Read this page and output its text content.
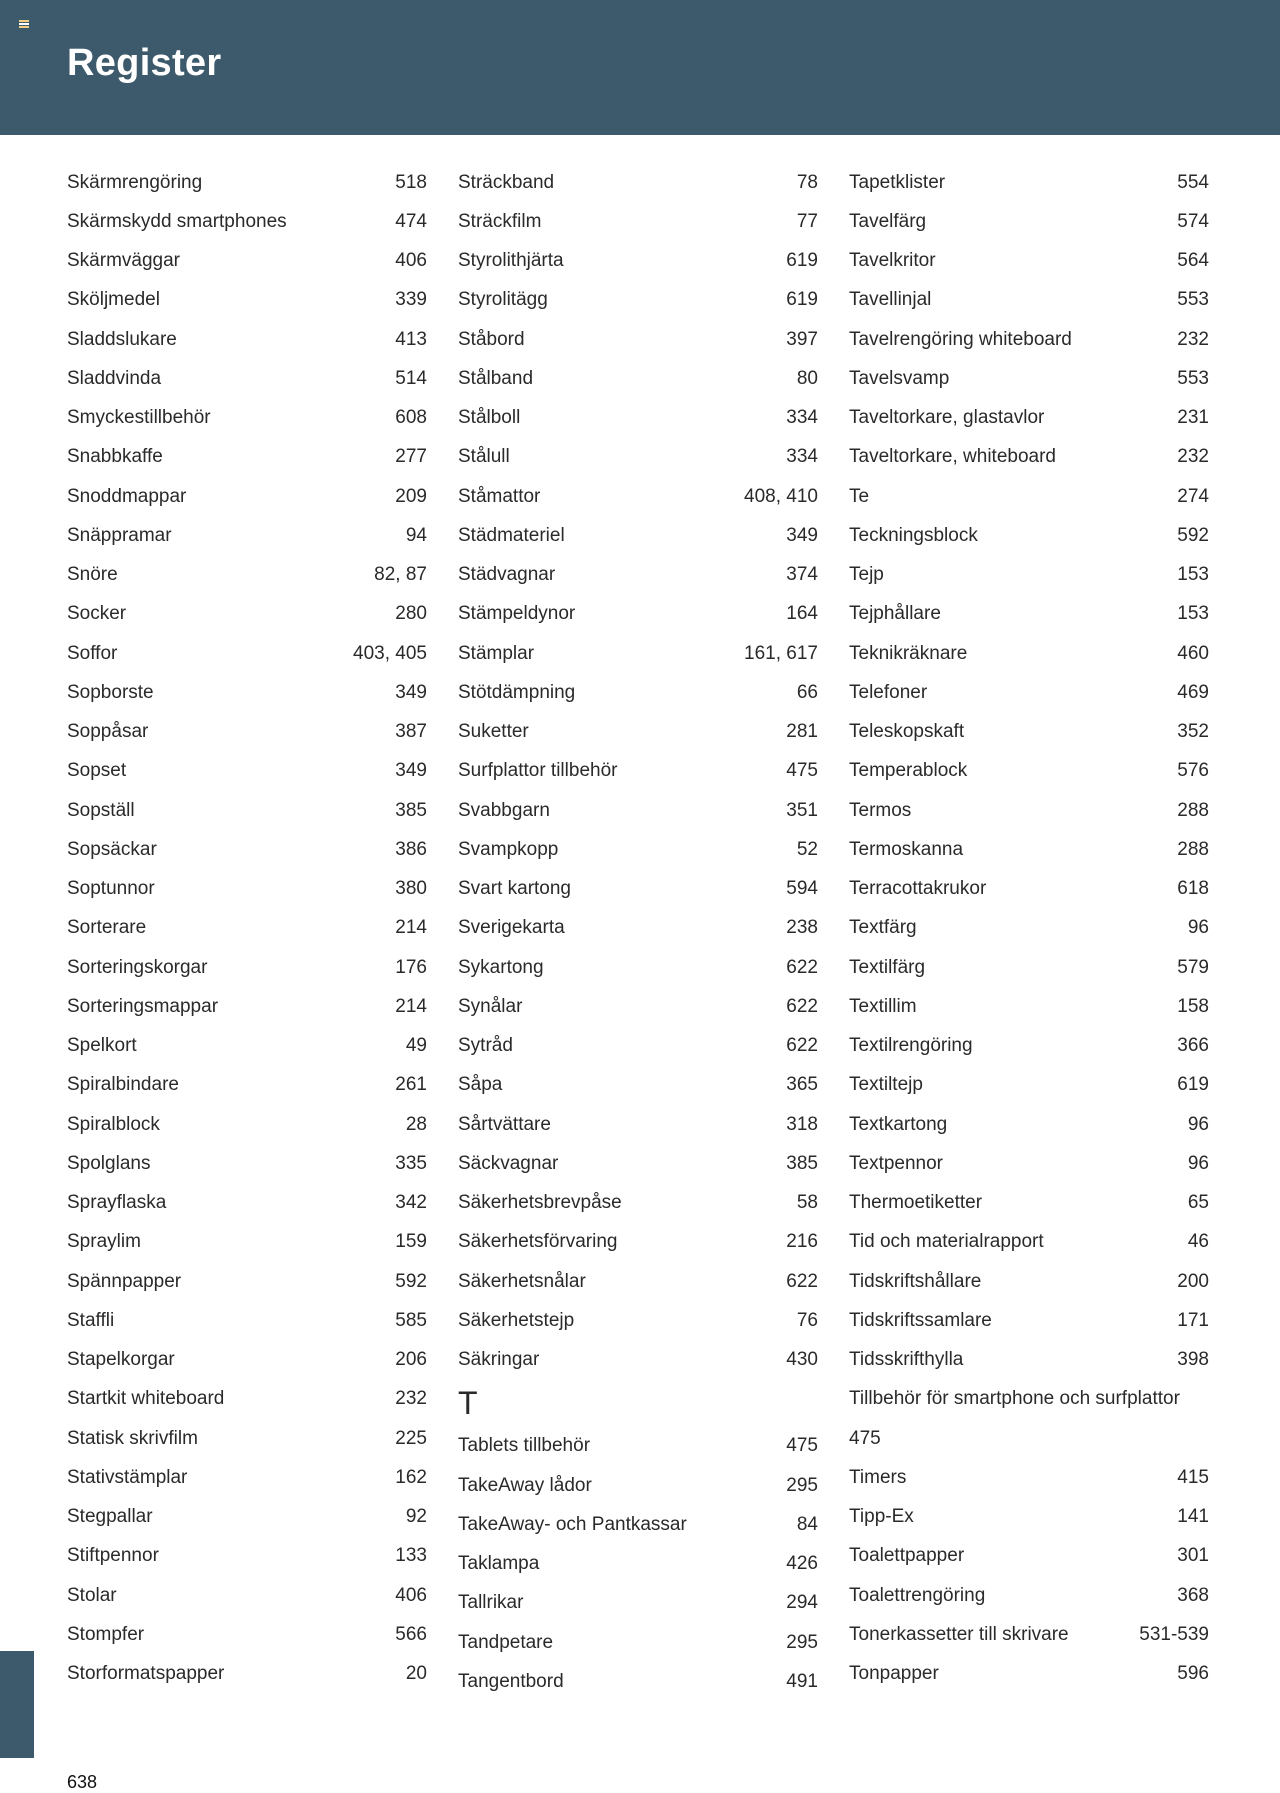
Register
Skärmrengöring	518
Skärmskydd smartphones	474
Skärmväggar	406
Sköljmedel	339
Sladdslukare	413
Sladdvinda	514
Smyckestillbehör	608
Snabbkaffe	277
Snoddmappar	209
Snäppramar	94
Snöre	82, 87
Socker	280
Soffor	403, 405
Sopborste	349
Soppåsar	387
Sopset	349
Sopställ	385
Sopsäckar	386
Soptunnor	380
Sorterare	214
Sorteringskorgar	176
Sorteringsmappar	214
Spelkort	49
Spiralbindare	261
Spiralblock	28
Spolglans	335
Sprayflaska	342
Spraylim	159
Spännpapper	592
Staffli	585
Stapelkorgar	206
Startkit whiteboard	232
Statisk skrivfilm	225
Stativstämplar	162
Stegpallar	92
Stiftpennor	133
Stolar	406
Stompfer	566
Storformatspapper	20
Sträckband	78
Sträckfilm	77
Styrolithjärta	619
Styrolitägg	619
Ståbord	397
Stålband	80
Stålboll	334
Stålull	334
Ståmattor	408, 410
Städmateriel	349
Städvagnar	374
Stämpeldynor	164
Stämplar	161, 617
Stötdämpning	66
Suketter	281
Surfplattor tillbehör	475
Svabbgarn	351
Svampkopp	52
Svart kartong	594
Sverigekarta	238
Sykartong	622
Synålar	622
Sytråd	622
Såpa	365
Sårtvättare	318
Säckvagnar	385
Säkerhetsbrevpåse	58
Säkerhetsförvaring	216
Säkerhetsnålar	622
Säkerhetstejp	76
Säkringar	430
T
Tablets tillbehör	475
TakeAway lådor	295
TakeAway- och Pantkassar	84
Taklampa	426
Tallrikar	294
Tandpetare	295
Tangentbord	491
Tapetklister	554
Tavelfärg	574
Tavelkritor	564
Tavellinjal	553
Tavelrengöring whiteboard	232
Tavelsvamp	553
Taveltorkare, glastavlor	231
Taveltorkare, whiteboard	232
Te	274
Teckningsblock	592
Tejp	153
Tejphållare	153
Teknikräknare	460
Telefoner	469
Teleskopskaft	352
Temperablock	576
Termos	288
Termoskanna	288
Terracottakrukor	618
Textfärg	96
Textilfärg	579
Textillim	158
Textilrengöring	366
Textiltejp	619
Textkartong	96
Textpennor	96
Thermoetiketter	65
Tid och materialrapport	46
Tidskriftshållare	200
Tidskriftssamlare	171
Tidsskrifthylla	398
Tillbehör för smartphone och surfplattor
475
Timers	415
Tipp-Ex	141
Toalettpapper	301
Toalettrengöring	368
Tonerkassetter till skrivare	531-539
Tonpapper	596
638
